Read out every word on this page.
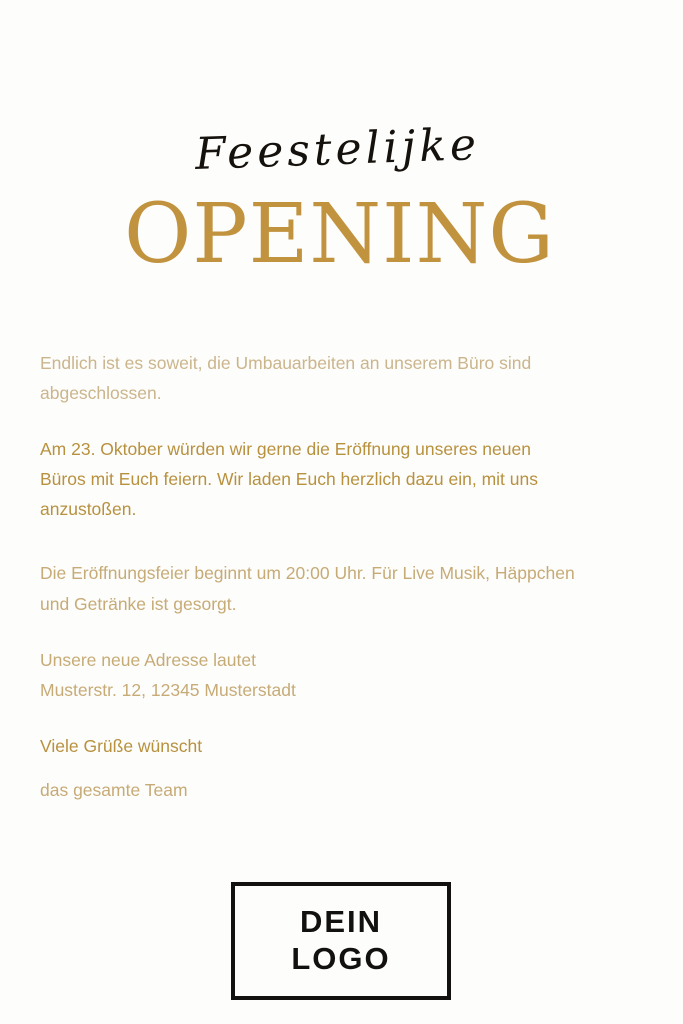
Feestelijke
OPENING

Endlich ist es soweit, die Umbauarbeiten an unserem Büro sind
abgeschlossen.

Am 23. Oktober würden wir gerne die Eröffnung unseres neuen
Büros mit Euch feiern. Wir laden Euch herzlich dazu ein, mit uns
anzustoßen.

Die Eröffnungsfeier beginnt um 20:00 Uhr. Für Live Musik, Häppchen
und Getränke ist gesorgt.

Unsere neue Adresse lautet
Musterstr. 12, 12345 Musterstadt

Viele Grüße wünscht

das gesamte Team

DEIN
LOGO
